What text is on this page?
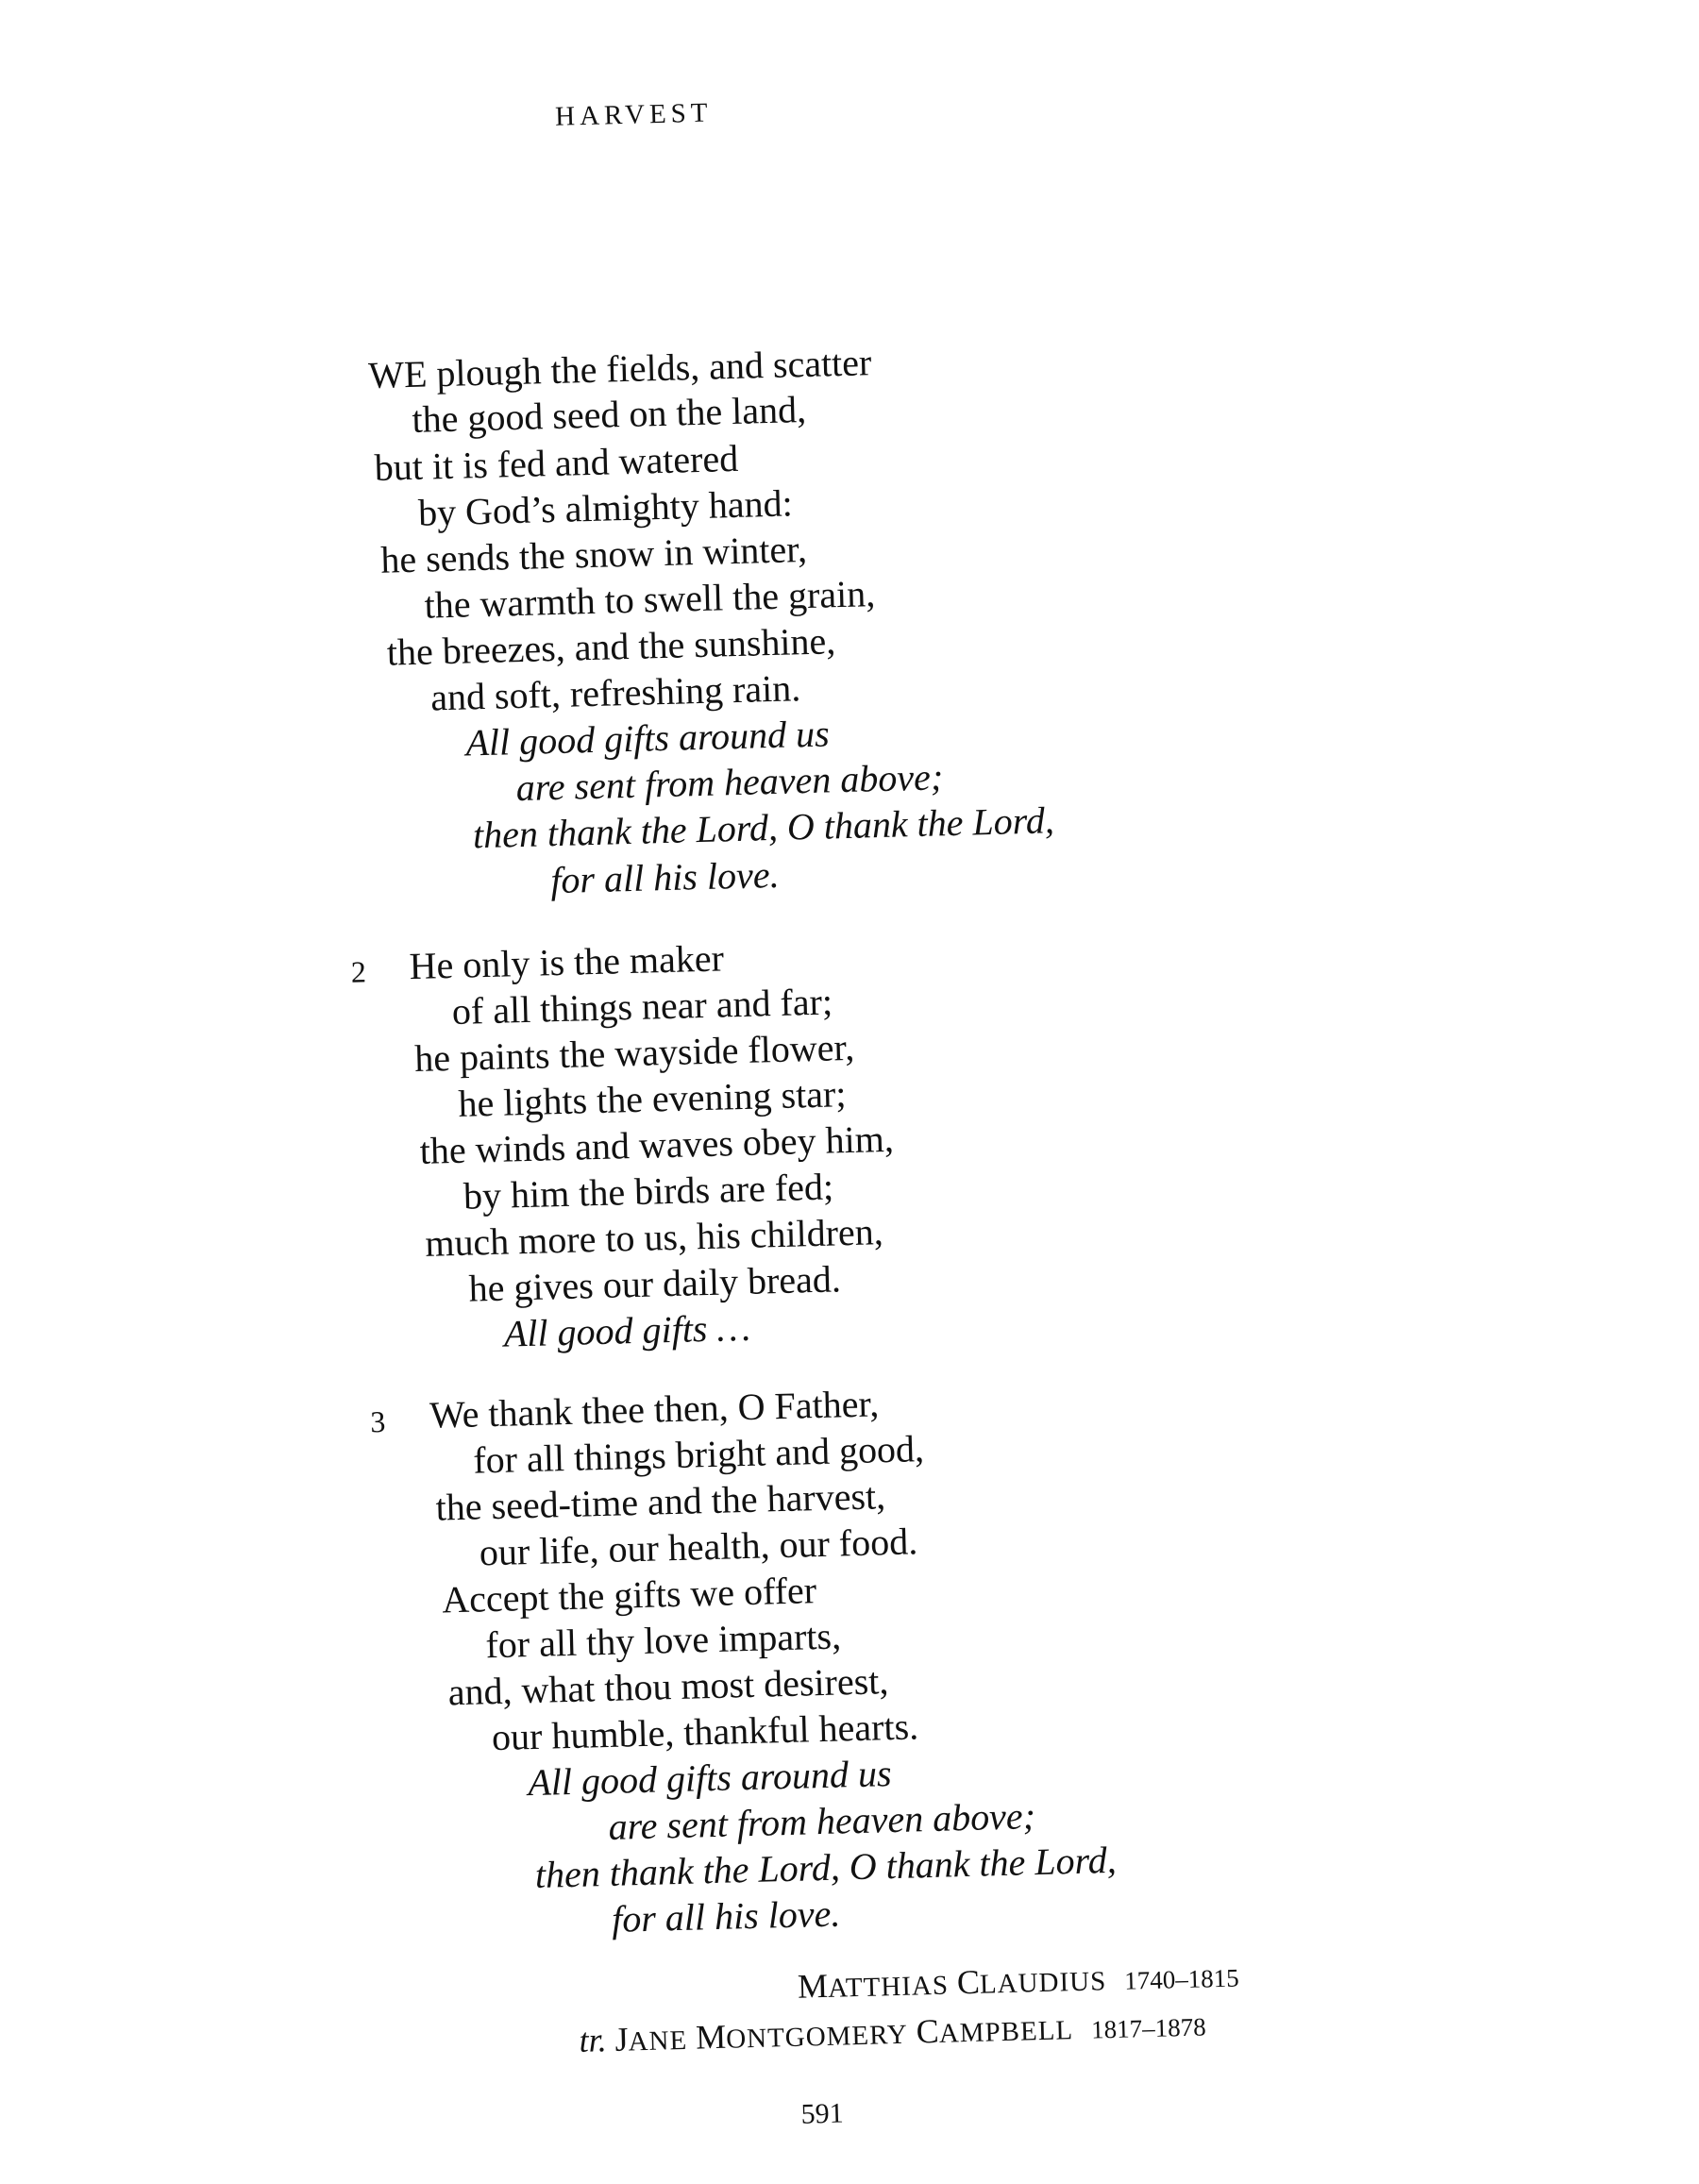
HARVEST
WE plough the fields, and scatter
the good seed on the land,
but it is fed and watered
by God’s almighty hand:
he sends the snow in winter,
the warmth to swell the grain,
the breezes, and the sunshine,
and soft, refreshing rain.
All good gifts around us
are sent from heaven above;
then thank the Lord, O thank the Lord,
for all his love.
2 He only is the maker
of all things near and far;
he paints the wayside flower,
he lights the evening star;
the winds and waves obey him,
by him the birds are fed;
much more to us, his children,
he gives our daily bread.
All good gifts …
3 We thank thee then, O Father,
for all things bright and good,
the seed-time and the harvest,
our life, our health, our food.
Accept the gifts we offer
for all thy love imparts,
and, what thou most desirest,
our humble, thankful hearts.
All good gifts around us
are sent from heaven above;
then thank the Lord, O thank the Lord,
for all his love.
MATTHIAS CLAUDIUS 1740–1815
tr. JANE MONTGOMERY CAMPBELL 1817–1878
591
